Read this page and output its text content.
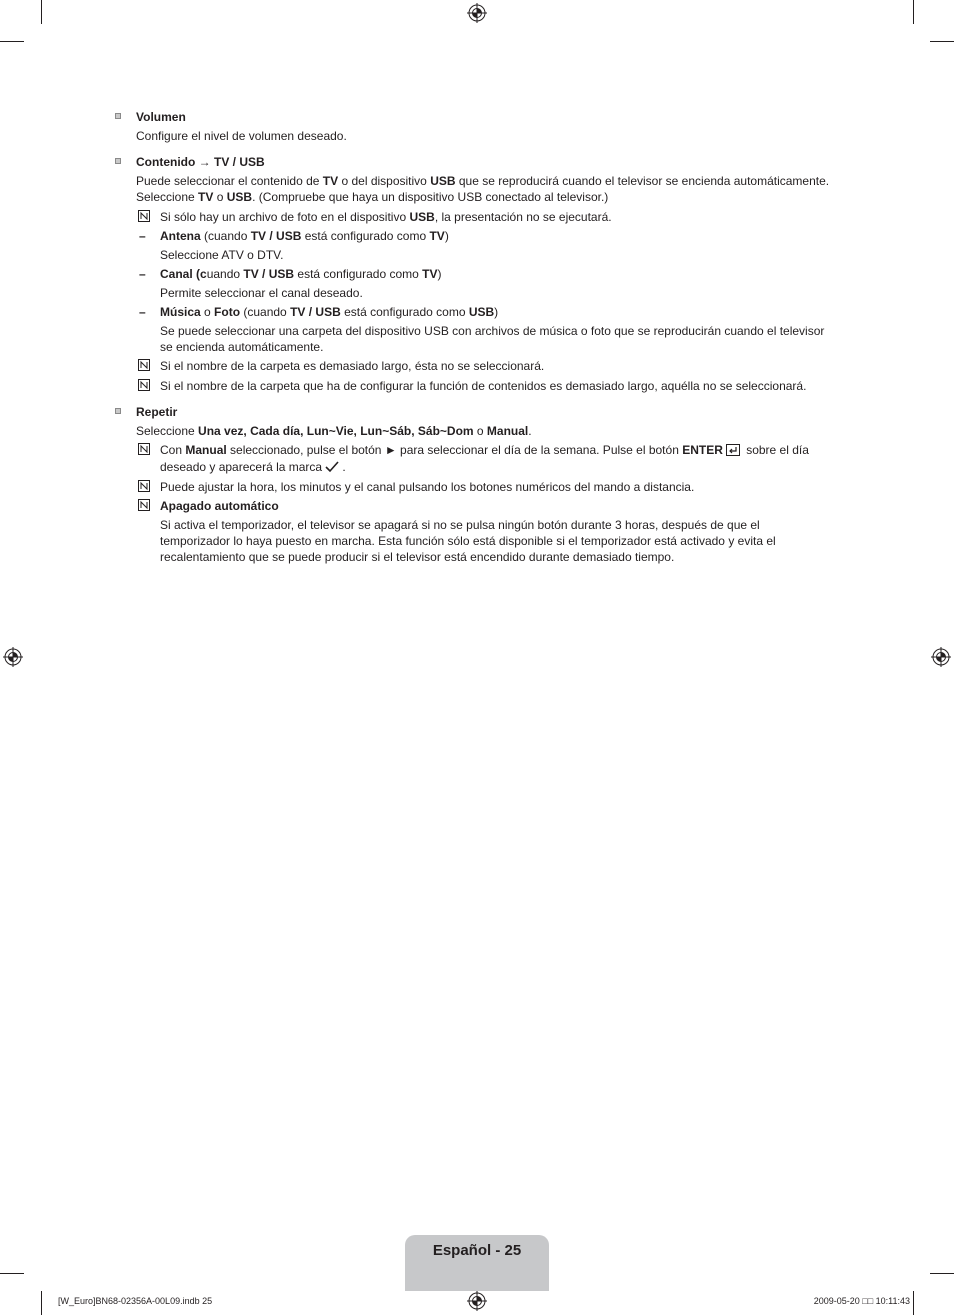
Volumen
Configure el nivel de volumen deseado.
Contenido → TV / USB
Puede seleccionar el contenido de TV o del dispositivo USB que se reproducirá cuando el televisor se encienda automáticamente.
Seleccione TV o USB. (Compruebe que haya un dispositivo USB conectado al televisor.)
Si sólo hay un archivo de foto en el dispositivo USB, la presentación no se ejecutará.
– Antena (cuando TV / USB está configurado como TV)
Seleccione ATV o DTV.
– Canal (cuando TV / USB está configurado como TV)
Permite seleccionar el canal deseado.
– Música o Foto (cuando TV / USB está configurado como USB)
Se puede seleccionar una carpeta del dispositivo USB con archivos de música o foto que se reproducirán cuando el televisor
se encienda automáticamente.
Si el nombre de la carpeta es demasiado largo, ésta no se seleccionará.
Si el nombre de la carpeta que ha de configurar la función de contenidos es demasiado largo, aquélla no se seleccionará.
Repetir
Seleccione Una vez, Cada día, Lun~Vie, Lun~Sáb, Sáb~Dom o Manual.
Con Manual seleccionado, pulse el botón ► para seleccionar el día de la semana. Pulse el botón ENTER sobre el día
deseado y aparecerá la marca .
Puede ajustar la hora, los minutos y el canal pulsando los botones numéricos del mando a distancia.
Apagado automático
Si activa el temporizador, el televisor se apagará si no se pulsa ningún botón durante 3 horas, después de que el
temporizador lo haya puesto en marcha. Esta función sólo está disponible si el temporizador está activado y evita el
recalentamiento que se puede producir si el televisor está encendido durante demasiado tiempo.
Español - 25
[W_Euro]BN68-02356A-00L09.indb 25	2009-05-20 □□ 10:11:43
